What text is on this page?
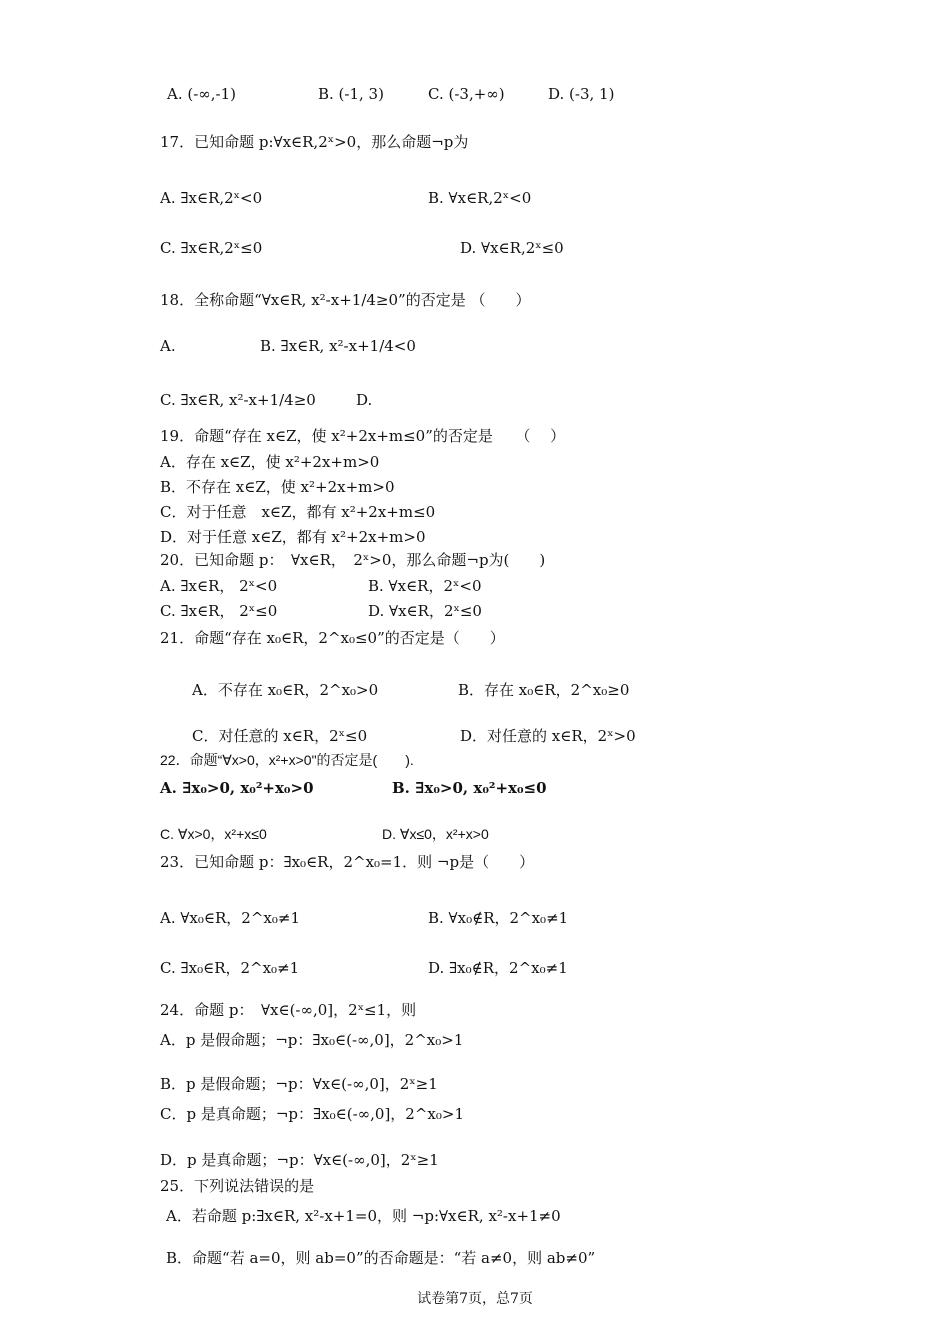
A. (-∞,-1)	B. (-1, 3)	C. (-3,+∞)	D. (-3, 1)
17．已知命题 p:∀x∈R,2ˣ>0，那么命题¬p为
A. ∃x∈R,2ˣ<0	B. ∀x∈R,2ˣ<0
C. ∃x∈R,2ˣ≤0	D. ∀x∈R,2ˣ≤0
18．全称命题“∀x∈R, x²-x+1/4≥0”的否定是 （　　）
A.	B. ∃x∈R, x²-x+1/4<0
C. ∃x∈R, x²-x+1/4≥0	D.
19．命题“存在 x∈Z，使 x²+2x+m≤0”的否定是　　（　 ）
A．存在 x∈Z，使 x²+2x+m>0
B．不存在 x∈Z，使 x²+2x+m>0
C．对于任意　x∈Z，都有 x²+2x+m≤0
D．对于任意 x∈Z，都有 x²+2x+m>0
20．已知命题 p：　∀x∈R，　2ˣ>0，那么命题¬p为(　　)
A. ∃x∈R， 2ˣ<0	B. ∀x∈R，2ˣ<0
C. ∃x∈R， 2ˣ≤0	D. ∀x∈R，2ˣ≤0
21．命题“存在 x₀∈R，2^x₀≤0”的否定是（　　）
A．不存在 x₀∈R，2^x₀>0	B．存在 x₀∈R，2^x₀≥0
C．对任意的 x∈R，2ˣ≤0	D．对任意的 x∈R，2ˣ>0
22．命题“∀x>0，x²+x>0"的否定是(　　).
A. ∃x₀>0, x₀²+x₀>0	B. ∃x₀>0, x₀²+x₀≤0
C. ∀x>0，x²+x≤0	D. ∀x≤0，x²+x>0
23．已知命题 p：∃x₀∈R，2^x₀=1．则 ¬p是（　　）
A. ∀x₀∈R，2^x₀≠1	B. ∀x₀∉R，2^x₀≠1
C. ∃x₀∈R，2^x₀≠1	D. ∃x₀∉R，2^x₀≠1
24．命题 p：　∀x∈(-∞,0]，2ˣ≤1，则
A．p 是假命题；¬p：∃x₀∈(-∞,0]，2^x₀>1
B．p 是假命题；¬p：∀x∈(-∞,0]，2ˣ≥1
C．p 是真命题；¬p：∃x₀∈(-∞,0]，2^x₀>1
D．p 是真命题；¬p：∀x∈(-∞,0]，2ˣ≥1
25．下列说法错误的是
A．若命题 p:∃x∈R, x²-x+1=0，则 ¬p:∀x∈R, x²-x+1≠0
B．命题“若 a=0，则 ab=0”的否命题是：“若 a≠0，则 ab≠0”
试卷第7页，总7页
